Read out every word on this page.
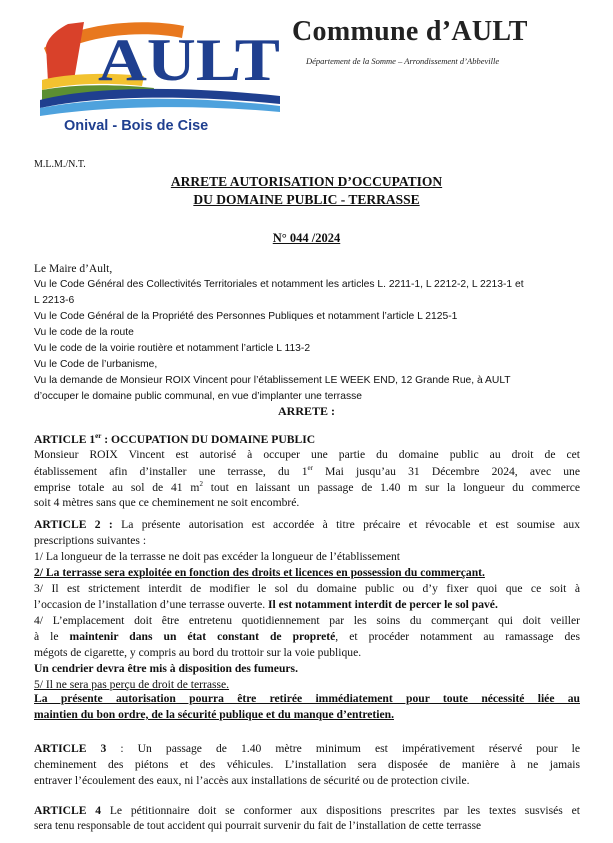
AULT
Onival - Bois de Cise
Commune d’AULT
Département de la Somme – Arrondissement d’Abbeville
M.L.M./N.T.
ARRETE AUTORISATION D’OCCUPATION
DU DOMAINE PUBLIC - TERRASSE
N° 044 /2024
Le Maire d’Ault,
Vu le Code Général des Collectivités Territoriales et notamment les articles L. 2211-1, L 2212-2, L 2213-1 et
L 2213-6
Vu le Code Général de la Propriété des Personnes Publiques et notamment l’article L 2125-1
Vu le code de la route
Vu le code de la voirie routière et notamment l’article L 113-2
Vu le Code de l’urbanisme,
Vu la demande de Monsieur ROIX Vincent pour l’établissement LE WEEK END, 12 Grande Rue, à AULT
d’occuper le domaine public communal, en vue d’implanter une terrasse
ARRETE :
ARTICLE 1er : OCCUPATION DU DOMAINE PUBLIC
Monsieur ROIX Vincent est autorisé à occuper une partie du domaine public au droit de cet
établissement afin d’installer une terrasse, du 1er Mai jusqu’au 31 Décembre 2024, avec une
emprise totale au sol de 41 $m^2$ tout en laissant un passage de 1.40 m sur la longueur du commerce
soit 4 mètres sans que ce cheminement ne soit encombré.
ARTICLE 2 : La présente autorisation est accordée à titre précaire et révocable et est soumise aux
prescriptions suivantes :
1/ La longueur de la terrasse ne doit pas excéder la longueur de l’établissement
2/ La terrasse sera exploitée en fonction des droits et licences en possession du commerçant.
3/ Il est strictement interdit de modifier le sol du domaine public ou d’y fixer quoi que ce soit à
l’occasion de l’installation d’une terrasse ouverte. Il est notamment interdit de percer le sol pavé.
4/ L’emplacement doit être entretenu quotidiennement par les soins du commerçant qui doit veiller
à le maintenir dans un état constant de propreté, et procéder notamment au ramassage des
mégots de cigarette, y compris au bord du trottoir sur la voie publique.
Un cendrier devra être mis à disposition des fumeurs.
5/ Il ne sera pas perçu de droit de terrasse.
La présente autorisation pourra être retirée immédiatement pour toute nécessité liée au
maintien du bon ordre, de la sécurité publique et du manque d’entretien.
ARTICLE 3 : Un passage de 1.40 mètre minimum est impérativement réservé pour le
cheminement des piétons et des véhicules. L’installation sera disposée de manière à ne jamais
entraver l’écoulement des eaux, ni l’accès aux installations de sécurité ou de protection civile.
ARTICLE 4 Le pétitionnaire doit se conformer aux dispositions prescrites par les textes susvisés et
sera tenu responsable de tout accident qui pourrait survenir du fait de l’installation de cette terrasse
